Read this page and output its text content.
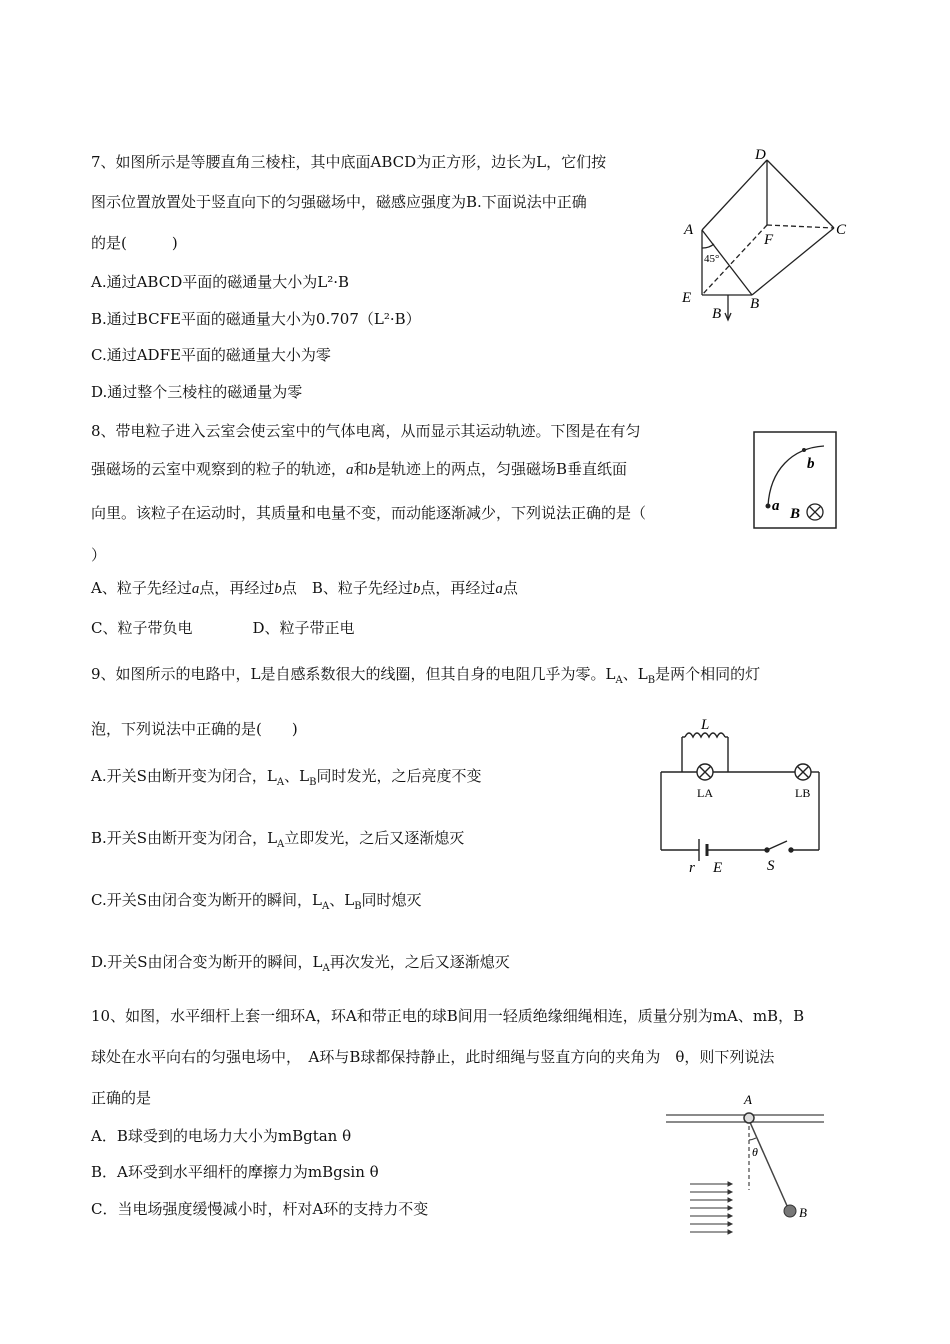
7、如图所示是等腰直角三棱柱，其中底面ABCD为正方形，边长为L，它们按
图示位置放置处于竖直向下的匀强磁场中，磁感应强度为B.下面说法中正确
的是(　　　)
A.通过ABCD平面的磁通量大小为L²·B
B.通过BCFE平面的磁通量大小为0.707（L²·B）
C.通过ADFE平面的磁通量大小为零
D.通过整个三棱柱的磁通量为零
D
A
F
C
45°
E	B
B
8、带电粒子进入云室会使云室中的气体电离，从而显示其运动轨迹。下图是在有匀
强磁场的云室中观察到的粒子的轨迹，a和b是轨迹上的两点，匀强磁场B垂直纸面
向里。该粒子在运动时，其质量和电量不变，而动能逐渐减少，下列说法正确的是（
）
A、粒子先经过a点，再经过b点　B、粒子先经过b点，再经过a点
C、粒子带负电　　　　D、粒子带正电
b
a B
9、如图所示的电路中，L是自感系数很大的线圈，但其自身的电阻几乎为零。$L_A$、$L_B$是两个相同的灯
泡，下列说法中正确的是(　　)
A.开关S由断开变为闭合，$L_A$、$L_B$同时发光，之后亮度不变
B.开关S由断开变为闭合，$L_A$立即发光，之后又逐渐熄灭
C.开关S由闭合变为断开的瞬间，$L_A$、$L_B$同时熄灭
D.开关S由闭合变为断开的瞬间，$L_A$再次发光，之后又逐渐熄灭
L
LA	LB
r E	S
10、如图，水平细杆上套一细环A，环A和带正电的球B间用一轻质绝缘细绳相连，质量分别为mA、mB，B
球处在水平向右的匀强电场中，　A环与B球都保持静止，此时细绳与竖直方向的夹角为　θ，则下列说法
正确的是
A．B球受到的电场力大小为mBgtan θ
B．A环受到水平细杆的摩擦力为mBgsin θ
C．当电场强度缓慢减小时，杆对A环的支持力不变
A
θ
B
